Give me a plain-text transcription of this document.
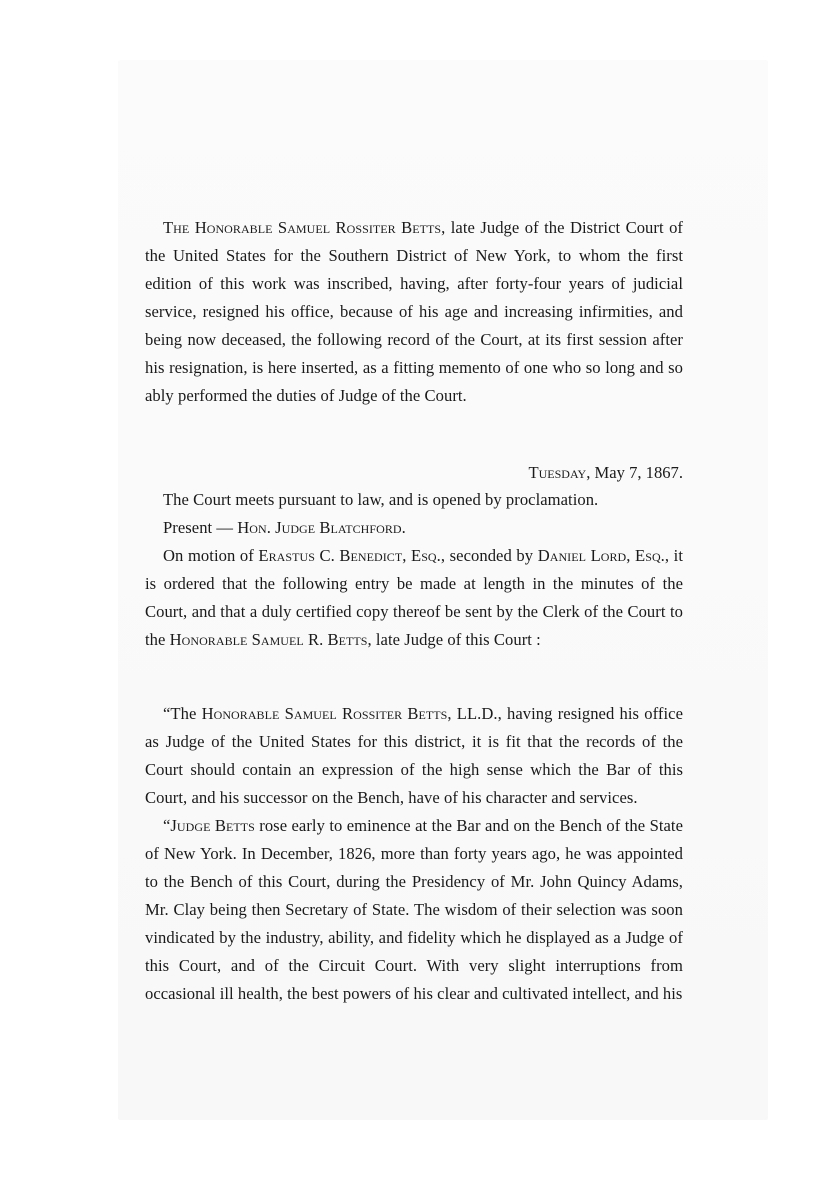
The Honorable Samuel Rossiter Betts, late Judge of the District Court of the United States for the Southern District of New York, to whom the first edition of this work was inscribed, having, after forty-four years of judicial service, resigned his office, because of his age and increasing infirmities, and being now deceased, the following record of the Court, at its first session after his resignation, is here inserted, as a fitting memento of one who so long and so ably performed the duties of Judge of the Court.

Tuesday, May 7, 1867.

The Court meets pursuant to law, and is opened by proclamation.

Present — Hon. Judge Blatchford.

On motion of Erastus C. Benedict, Esq., seconded by Daniel Lord, Esq., it is ordered that the following entry be made at length in the minutes of the Court, and that a duly certified copy thereof be sent by the Clerk of the Court to the Honorable Samuel R. Betts, late Judge of this Court :

“The Honorable Samuel Rossiter Betts, LL.D., having resigned his office as Judge of the United States for this district, it is fit that the records of the Court should contain an expression of the high sense which the Bar of this Court, and his successor on the Bench, have of his character and services.

“Judge Betts rose early to eminence at the Bar and on the Bench of the State of New York. In December, 1826, more than forty years ago, he was appointed to the Bench of this Court, during the Presidency of Mr. John Quincy Adams, Mr. Clay being then Secretary of State. The wisdom of their selection was soon vindicated by the industry, ability, and fidelity which he displayed as a Judge of this Court, and of the Circuit Court. With very slight interruptions from occasional ill health, the best powers of his clear and cultivated intellect, and his
